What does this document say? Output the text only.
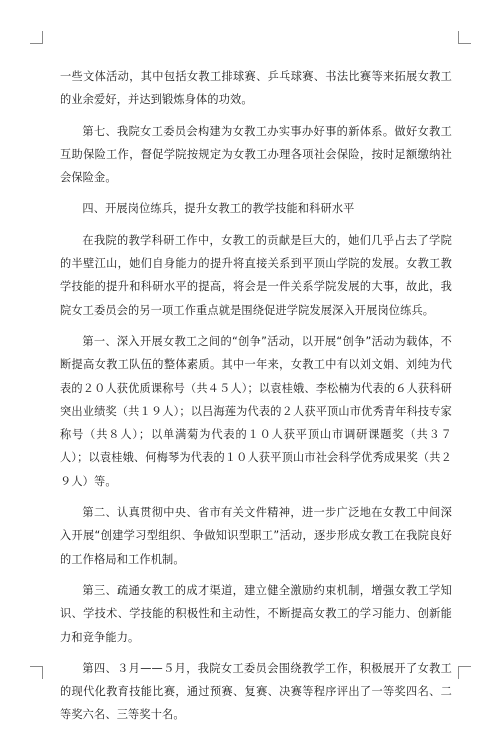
一些文体活动，其中包括女教工排球赛、乒乓球赛、书法比赛等来拓展女教工的业余爱好，并达到锻炼身体的功效。

第七、我院女工委员会构建为女教工办实事办好事的新体系。做好女教工互助保险工作，督促学院按规定为女教工办理各项社会保险，按时足额缴纳社会保险金。

四、开展岗位练兵，提升女教工的教学技能和科研水平

在我院的教学科研工作中，女教工的贡献是巨大的，她们几乎占去了学院的半壁江山，她们自身能力的提升将直接关系到平顶山学院的发展。女教工教学技能的提升和科研水平的提高，将会是一件关系学院发展的大事，故此，我院女工委员会的另一项工作重点就是围绕促进学院发展深入开展岗位练兵。

第一、深入开展女教工之间的“创争”活动，以开展“创争”活动为载体，不断提高女教工队伍的整体素质。其中一年来，女教工中有以刘文娟、刘纯为代表的２０人获优质课称号（共４５人）；以袁桂娥、李松楠为代表的６人获科研突出业绩奖（共１９人）；以吕海莲为代表的２人获平顶山市优秀青年科技专家称号（共８人）；以单满菊为代表的１０人获平顶山市调研课题奖（共３７人）；以袁桂娥、何梅琴为代表的１０人获平顶山市社会科学优秀成果奖（共２９人）等。

第二、认真贯彻中央、省市有关文件精神，进一步广泛地在女教工中间深入开展“创建学习型组织、争做知识型职工”活动，逐步形成女教工在我院良好的工作格局和工作机制。

第三、疏通女教工的成才渠道，建立健全激励约束机制，增强女教工学知识、学技术、学技能的积极性和主动性，不断提高女教工的学习能力、创新能力和竞争能力。

第四、３月——５月，我院女工委员会围绕教学工作，积极展开了女教工的现代化教育技能比赛，通过预赛、复赛、决赛等程序评出了一等奖四名、二等奖六名、三等奖十名。
